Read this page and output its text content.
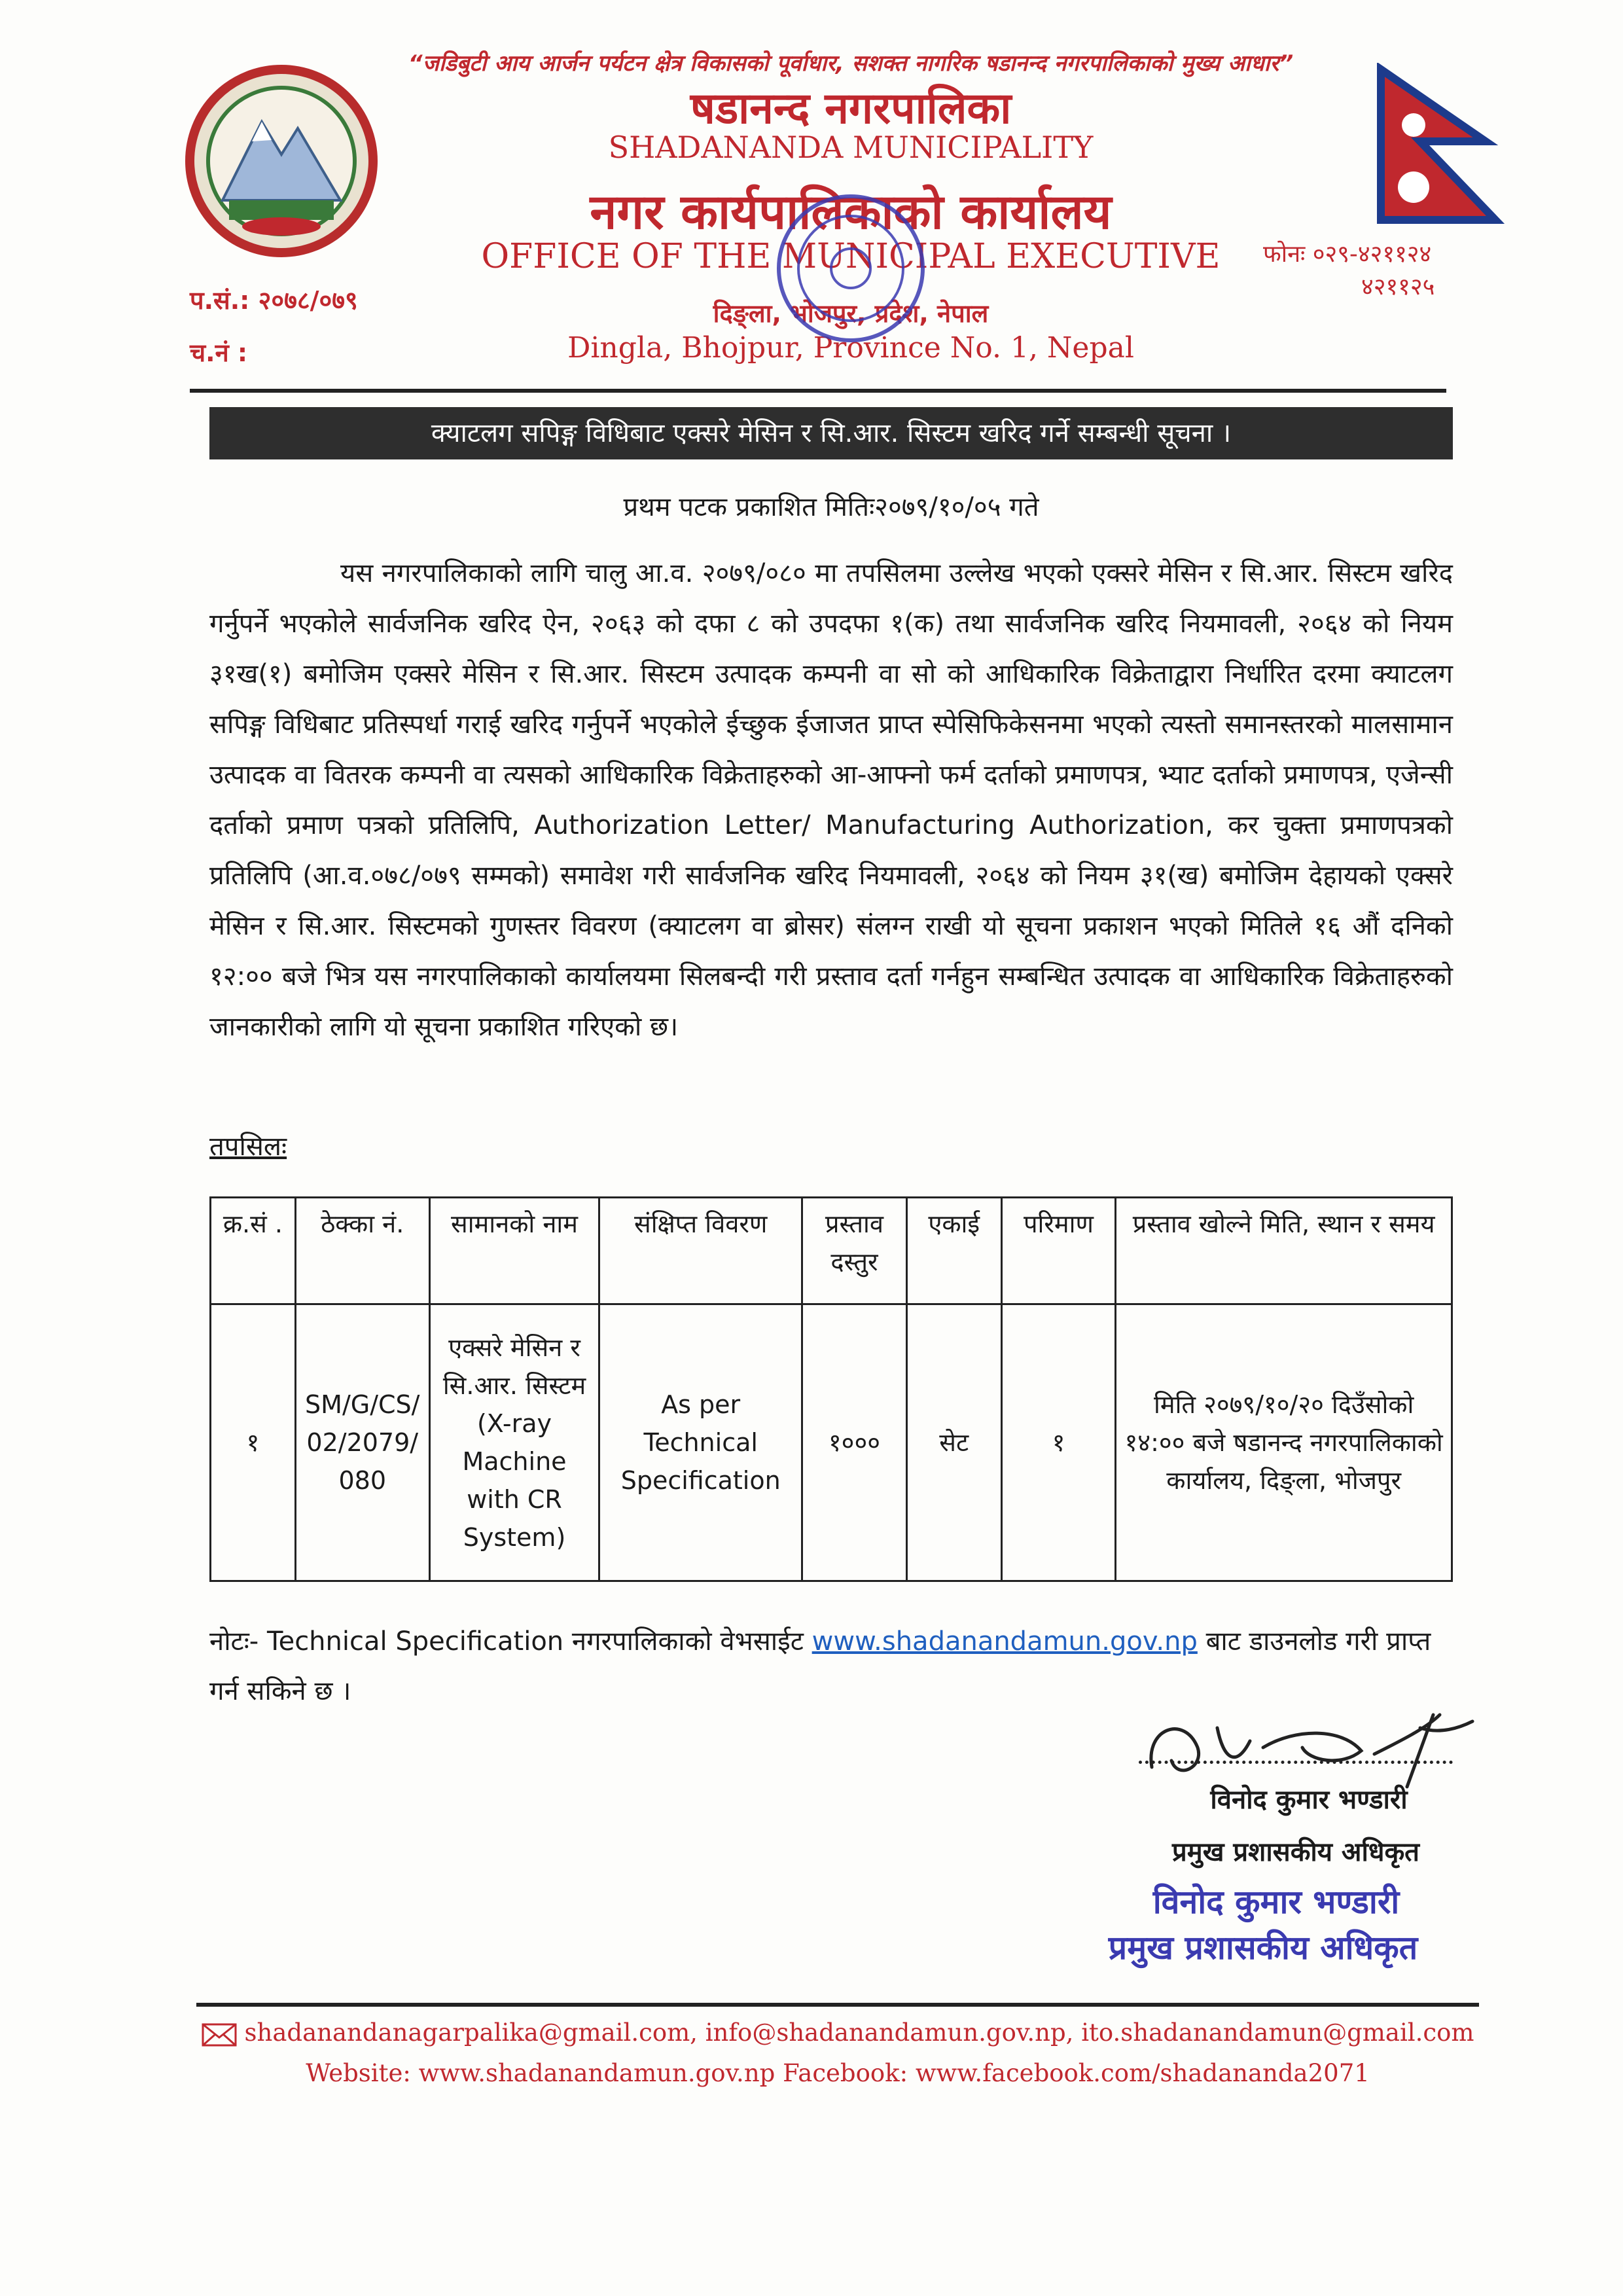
“जडिबुटी आय आर्जन पर्यटन क्षेत्र विकासको पूर्वाधार, सशक्त नागरिक षडानन्द नगरपालिकाको मुख्य आधार”
षडानन्द नगरपालिका
SHADANANDA MUNICIPALITY
नगर कार्यपालिकाको कार्यालय
OFFICE OF THE MUNICIPAL EXECUTIVE
दिङ्ला, भोजपुर, प्रदेश, नेपाल
Dingla, Bhojpur, Province No. 1, Nepal
प.सं.: २०७८/०७९
च.नं :
फोनः ०२९-४२११२४
४२११२५
क्याटलग सपिङ्ग विधिबाट एक्सरे मेसिन र सि.आर. सिस्टम खरिद गर्ने सम्बन्धी सूचना ।
प्रथम पटक प्रकाशित मितिः२०७९/१०/०५ गते
यस नगरपालिकाको लागि चालु आ.व. २०७९/०८० मा तपसिलमा उल्लेख भएको एक्सरे मेसिन र सि.आर. सिस्टम खरिद गर्नुपर्ने भएकोले सार्वजनिक खरिद ऐन, २०६३ को दफा ८ को उपदफा १(क) तथा सार्वजनिक खरिद नियमावली, २०६४ को नियम ३१ख(१) बमोजिम एक्सरे मेसिन र सि.आर. सिस्टम उत्पादक कम्पनी वा सो को आधिकारिक विक्रेताद्वारा निर्धारित दरमा क्याटलग सपिङ्ग विधिबाट प्रतिस्पर्धा गराई खरिद गर्नुपर्ने भएकोले ईच्छुक ईजाजत प्राप्त स्पेसिफिकेसनमा भएको त्यस्तो समानस्तरको मालसामान उत्पादक वा वितरक कम्पनी वा त्यसको आधिकारिक विक्रेताहरुको आ-आफ्नो फर्म दर्ताको प्रमाणपत्र, भ्याट दर्ताको प्रमाणपत्र, एजेन्सी दर्ताको प्रमाण पत्रको प्रतिलिपि, Authorization Letter/ Manufacturing Authorization, कर चुक्ता प्रमाणपत्रको प्रतिलिपि (आ.व.०७८/०७९ सम्मको) समावेश गरी सार्वजनिक खरिद नियमावली, २०६४ को नियम ३१(ख) बमोजिम देहायको एक्सरे मेसिन र सि.आर. सिस्टमको गुणस्तर विवरण (क्याटलग वा ब्रोसर) संलग्न राखी यो सूचना प्रकाशन भएको मितिले १६ औं दनिको १२:०० बजे भित्र यस नगरपालिकाको कार्यालयमा सिलबन्दी गरी प्रस्ताव दर्ता गर्नहुन सम्बन्धित उत्पादक वा आधिकारिक विक्रेताहरुको जानकारीको लागि यो सूचना प्रकाशित गरिएको छ।
तपसिलः
क्र.सं .	ठेक्का नं.	सामानको नाम	संक्षिप्त विवरण	प्रस्ताव दस्तुर	एकाई	परिमाण	प्रस्ताव खोल्ने मिति, स्थान र समय
१	SM/G/CS/ 02/2079/ 080	एक्सरे मेसिन र सि.आर. सिस्टम (X-ray Machine with CR System)	As per Technical Specification	१०००	सेट	१	मिति २०७९/१०/२० दिउँसोको १४:०० बजे षडानन्द नगरपालिकाको कार्यालय, दिङ्ला, भोजपुर
नोटः- Technical Specification नगरपालिकाको वेभसाईट www.shadanandamun.gov.np बाट डाउनलोड गरी प्राप्त गर्न सकिने छ ।
विनोद कुमार भण्डारी
प्रमुख प्रशासकीय अधिकृत
विनोद कुमार भण्डारी
प्रमुख प्रशासकीय अधिकृत
shadanandanagarpalika@gmail.com, info@shadanandamun.gov.np, ito.shadanandamun@gmail.com
Website: www.shadanandamun.gov.np Facebook: www.facebook.com/shadananda2071
